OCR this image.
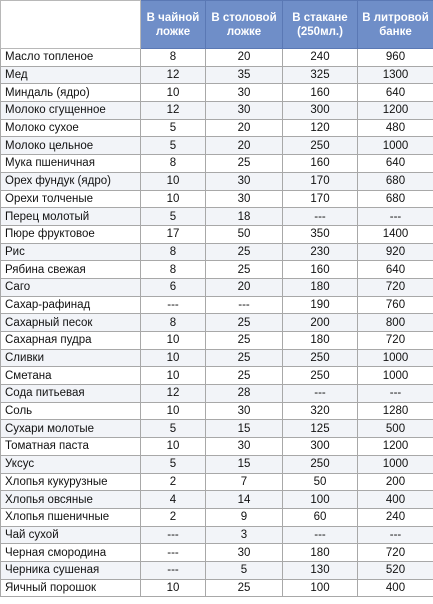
	В чайной ложке	В столовой ложке	В стакане (250мл.)	В литровой банке
Масло топленое	8	20	240	960
Мед	12	35	325	1300
Миндаль (ядро)	10	30	160	640
Молоко сгущенное	12	30	300	1200
Молоко сухое	5	20	120	480
Молоко цельное	5	20	250	1000
Мука пшеничная	8	25	160	640
Орех фундук (ядро)	10	30	170	680
Орехи толченые	10	30	170	680
Перец молотый	5	18	---	---
Пюре фруктовое	17	50	350	1400
Рис	8	25	230	920
Рябина свежая	8	25	160	640
Саго	6	20	180	720
Сахар-рафинад	---	---	190	760
Сахарный песок	8	25	200	800
Сахарная пудра	10	25	180	720
Сливки	10	25	250	1000
Сметана	10	25	250	1000
Сода питьевая	12	28	---	---
Соль	10	30	320	1280
Сухари молотые	5	15	125	500
Томатная паста	10	30	300	1200
Уксус	5	15	250	1000
Хлопья кукурузные	2	7	50	200
Хлопья овсяные	4	14	100	400
Хлопья пшеничные	2	9	60	240
Чай сухой	---	3	---	---
Черная смородина	---	30	180	720
Черника сушеная	---	5	130	520
Яичный порошок	10	25	100	400
